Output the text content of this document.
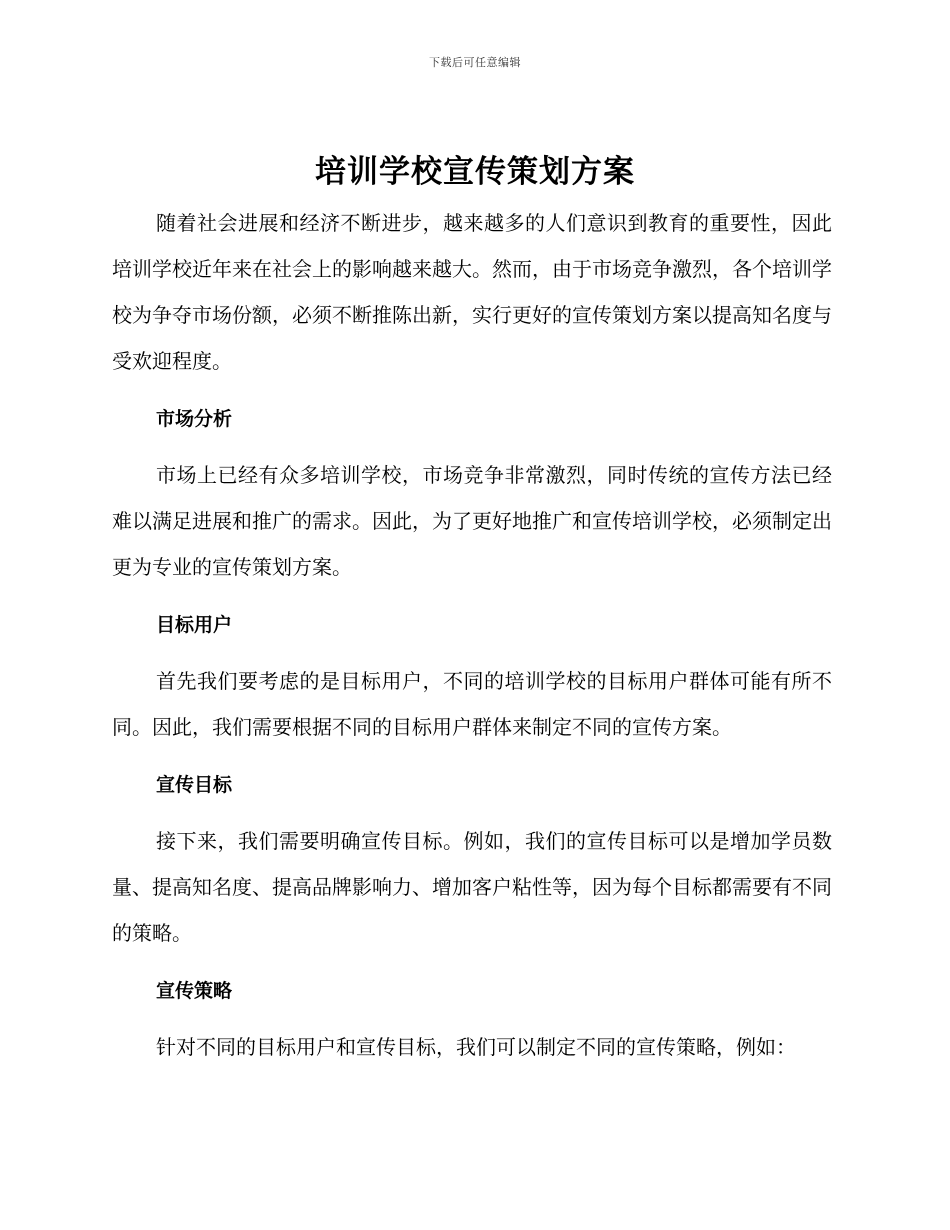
下载后可任意编辑
培训学校宣传策划方案

随着社会进展和经济不断进步，越来越多的人们意识到教育的重要性，因此培训学校近年来在社会上的影响越来越大。然而，由于市场竞争激烈，各个培训学校为争夺市场份额，必须不断推陈出新，实行更好的宣传策划方案以提高知名度与受欢迎程度。

市场分析

市场上已经有众多培训学校，市场竞争非常激烈，同时传统的宣传方法已经难以满足进展和推广的需求。因此，为了更好地推广和宣传培训学校，必须制定出更为专业的宣传策划方案。

目标用户

首先我们要考虑的是目标用户，不同的培训学校的目标用户群体可能有所不同。因此，我们需要根据不同的目标用户群体来制定不同的宣传方案。

宣传目标

接下来，我们需要明确宣传目标。例如，我们的宣传目标可以是增加学员数量、提高知名度、提高品牌影响力、增加客户粘性等，因为每个目标都需要有不同的策略。

宣传策略

针对不同的目标用户和宣传目标，我们可以制定不同的宣传策略，例如：
